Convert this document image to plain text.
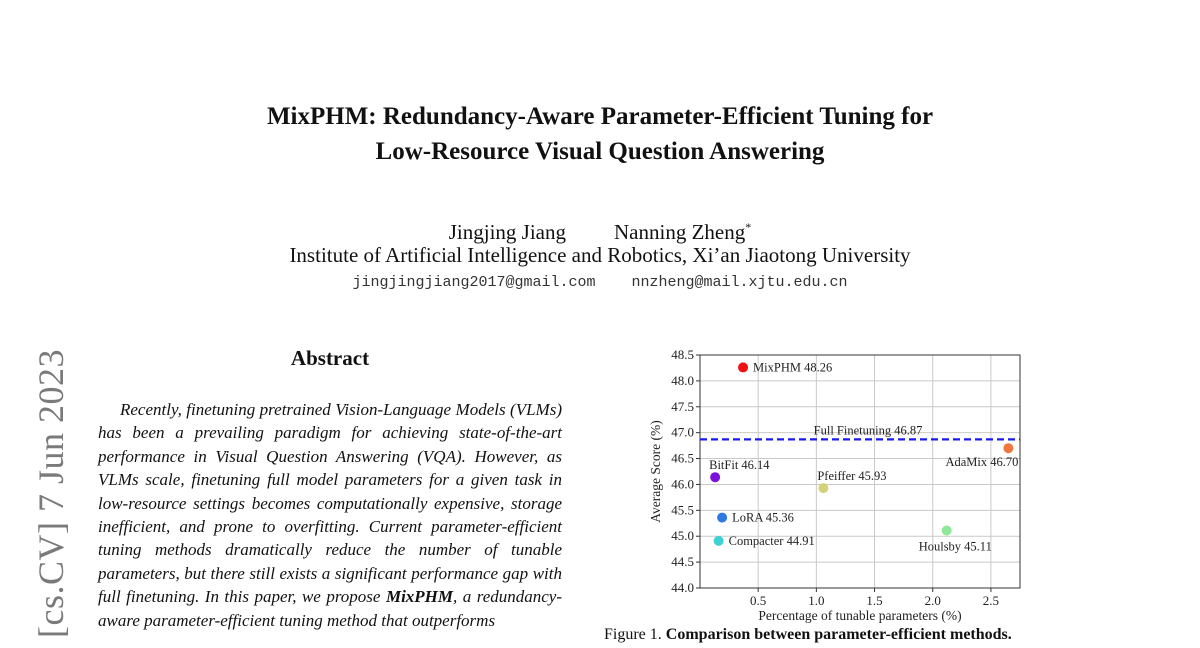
MixPHM: Redundancy-Aware Parameter-Efficient Tuning for
Low-Resource Visual Question Answering
Jingjing Jiang Nanning Zheng*
Institute of Artificial Intelligence and Robotics, Xi’an Jiaotong University
jingjingjiang2017@gmail.com nnzheng@mail.xjtu.edu.cn
[cs.CV] 7 Jun 2023	Abstract
Recently, finetuning pretrained Vision-Language Models (VLMs) has been a prevailing paradigm for achieving state-of-the-art performance in Visual Question Answering (VQA). However, as VLMs scale, finetuning full model parameters for a given task in low-resource settings becomes computationally expensive, storage inefficient, and prone to overfitting. Current parameter-efficient tuning methods dramatically reduce the number of tunable parameters, but there still exists a significant performance gap with full finetuning. In this paper, we propose MixPHM, a redundancy-aware parameter-efficient tuning method that outperforms
0.5	1.0	1.5	2.0	2.5
44.0
44.5
45.0
45.5
46.0
46.5
47.0
47.5
48.0
48.5
Full Finetuning 46.87
MixPHM 48.26
AdaMix 46.70
BitFit 46.14
Pfeiffer 45.93
LoRA 45.36
Compacter 44.91	Houlsby 45.11
Percentage of tunable parameters (%)
Average Score (%)
Figure 1. Comparison between parameter-efficient methods.
